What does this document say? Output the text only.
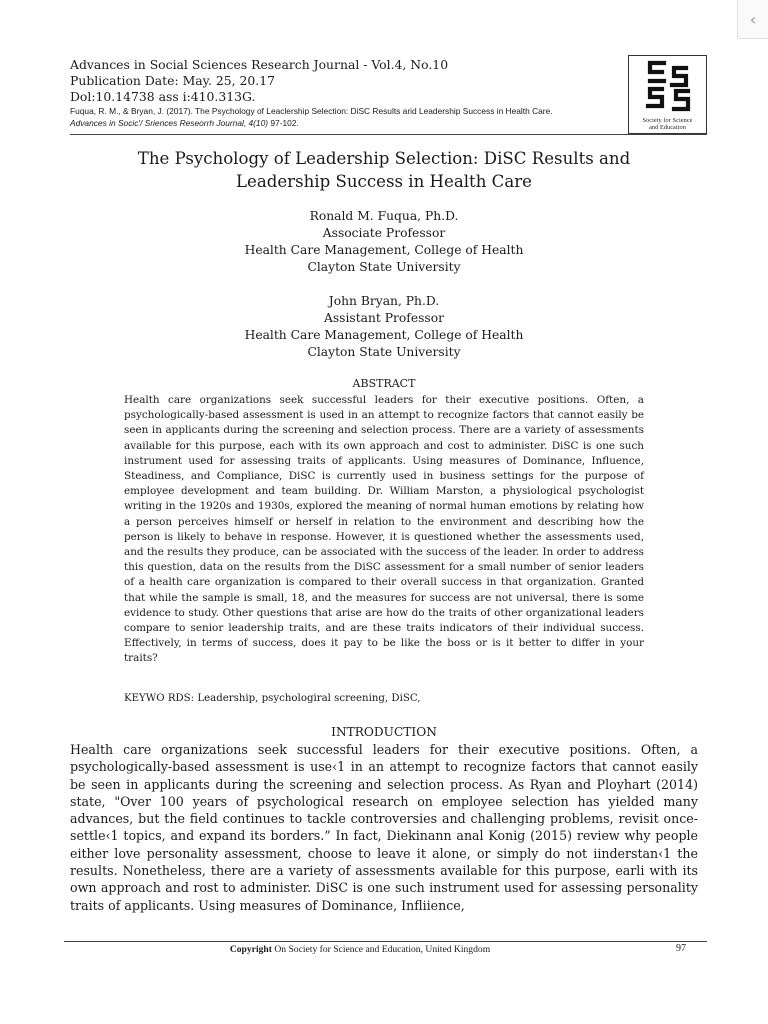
‹
Advances in Social Sciences Research Journal - Vol.4, No.10
Publication Date: May. 25, 20.17
Dol:10.14738 ass i:410.313G.
Fuqua, R. M., & Bryan, J. (2017). The Psychology of Leaclership Selection: DiSC Results arid Leadership Success in Health Care.
Advances in Socic'/ Sriences Reseorrh Journal, 4(10) 97-102.	Society for Science
and Education
The Psychology of Leadership Selection: DiSC Results and
Leadership Success in Health Care
Ronald M. Fuqua, Ph.D.
Associate Professor
Health Care Management, College of Health
Clayton State University
John Bryan, Ph.D.
Assistant Professor
Health Care Management, College of Health
Clayton State University
ABSTRACT

Health care organizations seek successful leaders for their executive positions. Often, a psychologically-based assessment is used in an attempt to recognize factors that cannot easily be seen in applicants during the screening and selection process. There are a variety of assessments available for this purpose, each with its own approach and cost to administer. DiSC is one such instrument used for assessing traits of applicants. Using measures of Dominance, Influence, Steadiness, and Compliance, DiSC is currently used in business settings for the purpose of employee development and team building. Dr. William Marston, a physiological psychologist writing in the 1920s and 1930s, explored the meaning of normal human emotions by relating how a person perceives himself or herself in relation to the environment and describing how the person is likely to behave in response. However, it is questioned whether the assessments used, and the results they produce, can be associated with the success of the leader. In order to address this question, data on the results from the DiSC assessment for a small number of senior leaders of a health care organization is compared to their overall success in that organization. Granted that while the sample is small, 18, and the measures for success are not universal, there is some evidence to study. Other questions that arise are how do the traits of other organizational leaders compare to senior leadership traits, and are these traits indicators of their individual success. Effectively, in terms of success, does it pay to be like the boss or is it better to differ in your traits?

KEYWO RDS: Leadership, psychologiral screening, DiSC,
INTRODUCTION

Health care organizations seek successful leaders for their executive positions. Often, a psychologically-based assessment is use‹1 in an attempt to recognize factors that cannot easily be seen in applicants during the screening and selection process. As Ryan and Ployhart (2014) state, "Over 100 years of psychological research on employee selection has yielded many advances, but the field continues to tackle controversies and challenging problems, revisit once-settle‹1 topics, and expand its borders.” In fact, Diekinann anal Konig (2015) review why people either love personality assessment, choose to leave it alone, or simply do not iinderstan‹1 the results. Nonetheless, there are a variety of assessments available for this purpose, earli with its own approach and rost to administer. DiSC is one such instrument used for assessing personality traits of applicants. Using measures of Dominance, Infliience,

Copyright On Society for Science and Education, United Kingdom	97
